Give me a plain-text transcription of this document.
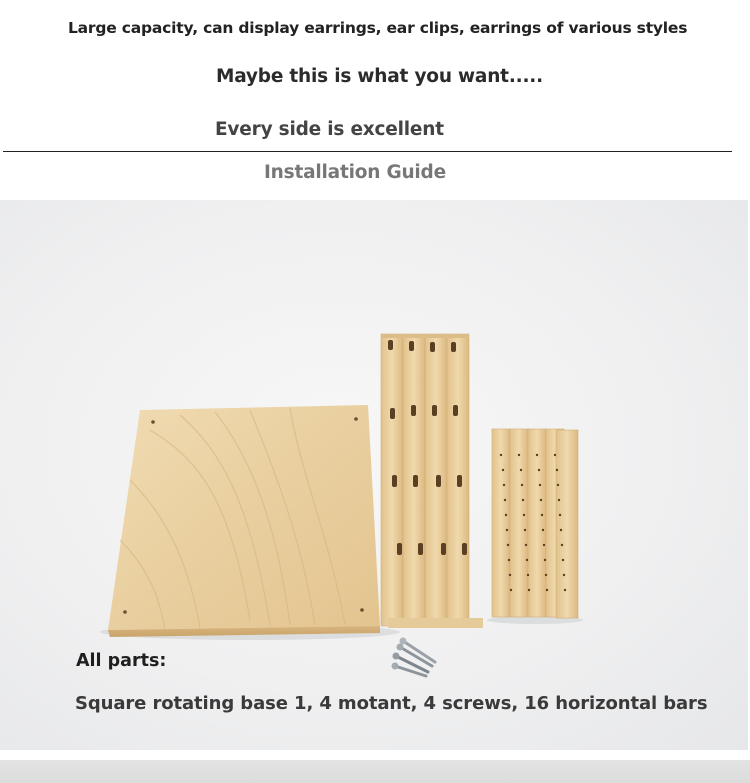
Large capacity, can display earrings, ear clips, earrings of various styles
Maybe this is what you want.....
Every side is excellent
Installation Guide
All parts:
Square rotating base 1, 4 motant, 4 screws, 16 horizontal bars
